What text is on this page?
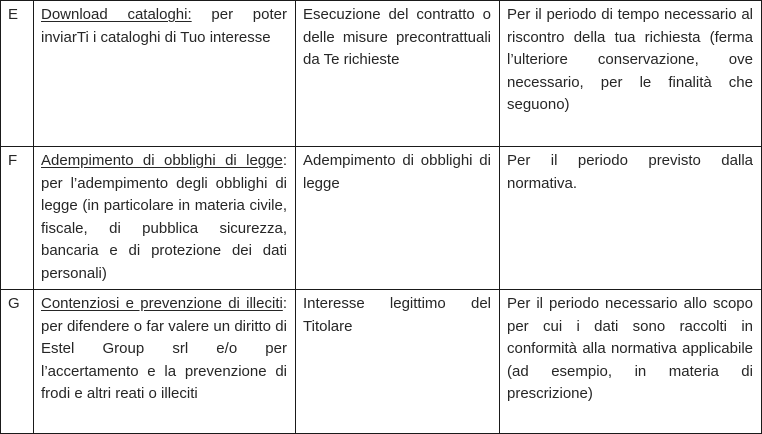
E	Download cataloghi: per poter inviarTi i cataloghi di Tuo interesse	Esecuzione del contratto o delle misure precontrattuali da Te richieste	Per il periodo di tempo necessario al riscontro della tua richiesta (ferma l’ulteriore conservazione, ove necessario, per le finalità che seguono)
F	Adempimento di obblighi di legge: per l’adempimento degli obblighi di legge (in particolare in materia civile, fiscale, di pubblica sicurezza, bancaria e di protezione dei dati personali)	Adempimento di obblighi di legge	Per il periodo previsto dalla normativa.
G	Contenziosi e prevenzione di illeciti: per difendere o far valere un diritto di Estel Group srl e/o per l’accertamento e la prevenzione di frodi e altri reati o illeciti	Interesse legittimo del Titolare	Per il periodo necessario allo scopo per cui i dati sono raccolti in conformità alla normativa applicabile (ad esempio, in materia di prescrizione)
